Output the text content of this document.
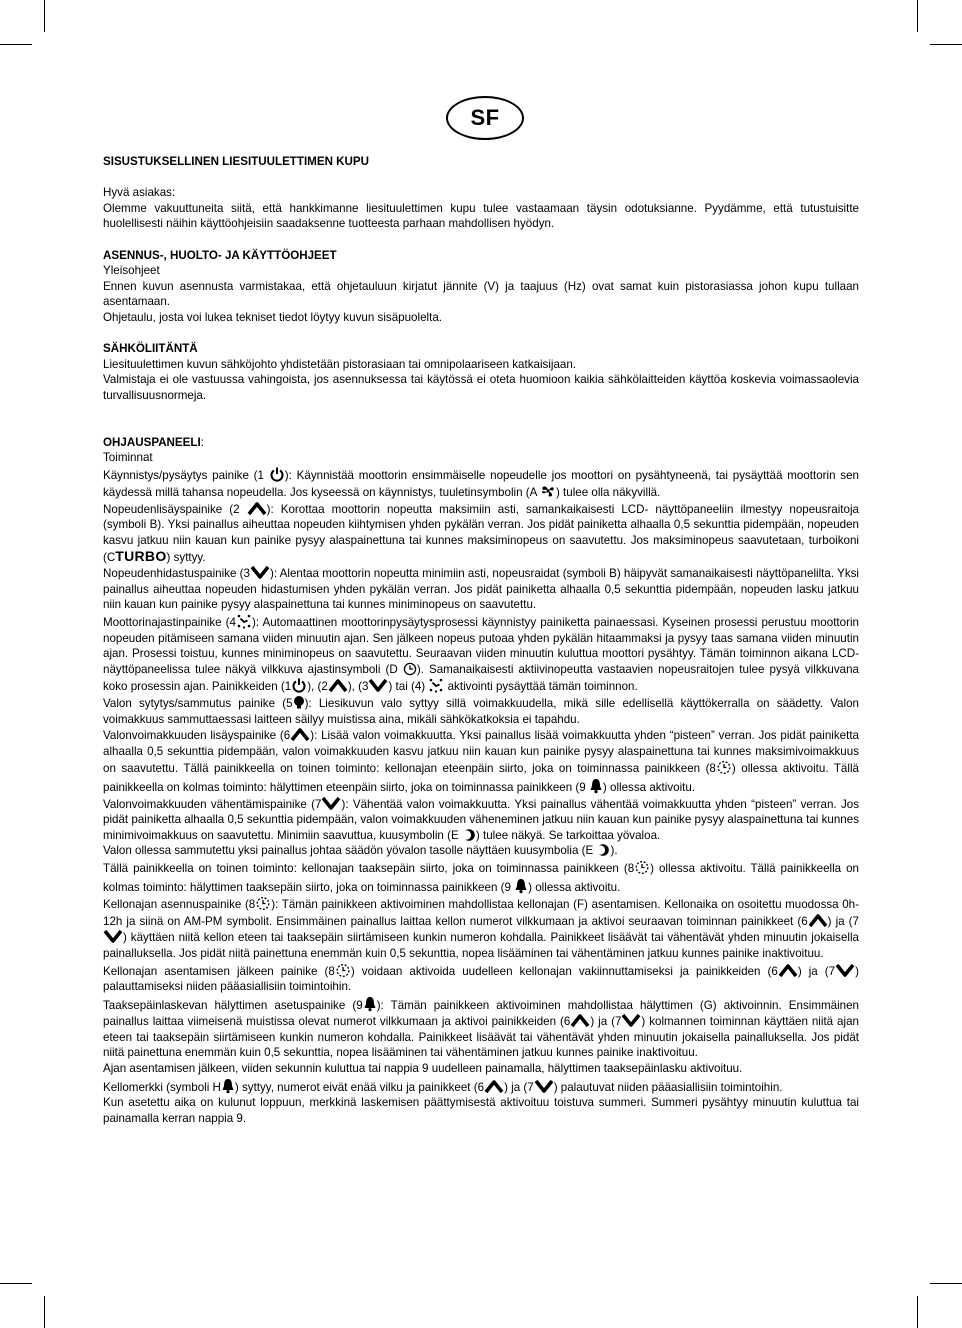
SF

SISUSTUKSELLINEN LIESITUULETTIMEN KUPU

Hyvä asiakas:

Olemme vakuuttuneita siitä, että hankkimanne liesituulettimen kupu tulee vastaamaan täysin odotuksianne. Pyydämme, että tutustuisitte huolellisesti näihin käyttöohjeisiin saadaksenne tuotteesta parhaan mahdollisen hyödyn.

ASENNUS-, HUOLTO- JA KÄYTTÖOHJEET

Yleisohjeet

Ennen kuvun asennusta varmistakaa, että ohjetauluun kirjatut jännite (V) ja taajuus (Hz) ovat samat kuin pistorasiassa johon kupu tullaan asentamaan.

Ohjetaulu, josta voi lukea tekniset tiedot löytyy kuvun sisäpuolelta.

SÄHKÖLIITÄNTÄ

Liesituulettimen kuvun sähköjohto yhdistetään pistorasiaan tai omnipolaariseen katkaisijaan.

Valmistaja ei ole vastuussa vahingoista, jos asennuksessa tai käytössä ei oteta huomioon kaikia sähkölaitteiden käyttöa koskevia voimassaolevia turvallisuusnormeja.

OHJAUSPANEELI:

Toiminnat

Käynnistys/pysäytys painike (1 ): Käynnistää moottorin ensimmäiselle nopeudelle jos moottori on pysähtyneenä, tai pysäyttää moottorin sen käydessä millä tahansa nopeudella. Jos kyseessä on käynnistys, tuuletinsymbolin (A ) tulee olla näkyvillä.

Nopeudenlisäyspainike (2 ): Korottaa moottorin nopeutta maksimiin asti, samankaikaisesti LCD- näyttöpaneeliin ilmestyy nopeusraitoja (symboli B). Yksi painallus aiheuttaa nopeuden kiihtymisen yhden pykälän verran. Jos pidät painiketta alhaalla 0,5 sekunttia pidempään, nopeuden kasvu jatkuu niin kauan kun painike pysyy alaspainettuna tai kunnes maksiminopeus on saavutettu. Jos maksiminopeus saavutetaan, turboikoni (CTURBO) syttyy.

Nopeudenhidastuspainike (3 ): Alentaa moottorin nopeutta minimiin asti, nopeusraidat (symboli B) häipyvät samanaikaisesti näyttöpanelilta. Yksi painallus aiheuttaa nopeuden hidastumisen yhden pykälän verran. Jos pidät painiketta alhaalla 0,5 sekunttia pidempään, nopeuden lasku jatkuu niin kauan kun painike pysyy alaspainettuna tai kunnes miniminopeus on saavutettu.

Moottorinajastinpainike (4 ): Automaattinen moottorinpysäytysprosessi käynnistyy painiketta painaessasi. Kyseinen prosessi perustuu moottorin nopeuden pitämiseen samana viiden minuutin ajan. Sen jälkeen nopeus putoaa yhden pykälän hitaammaksi ja pysyy taas samana viiden minuutin ajan. Prosessi toistuu, kunnes miniminopeus on saavutettu. Seuraavan viiden minuutin kuluttua moottori pysähtyy. Tämän toiminnon aikana LCD-näyttöpaneelissa tulee näkyä vilkkuva ajastinsymboli (D ). Samanaikaisesti aktiivinopeutta vastaavien nopeusraitojen tulee pysyä vilkkuvana koko prosessin ajan. Painikkeiden (1 ), (2 ), (3 ) tai (4)  aktivointi pysäyttää tämän toiminnon.

Valon sytytys/sammutus painike (5 ): Liesikuvun valo syttyy sillä voimakkuudella, mikä sille edellisellä käyttökerralla on säädetty. Valon voimakkuus sammuttaessasi laitteen säilyy muistissa aina, mikäli sähkökatkoksia ei tapahdu.

Valonvoimakkuuden lisäyspainike (6 ): Lisää valon voimakkuutta. Yksi painallus lisää voimakkuutta yhden “pisteen” verran. Jos pidät painiketta alhaalla 0,5 sekunttia pidempään, valon voimakkuuden kasvu jatkuu niin kauan kun painike pysyy alaspainettuna tai kunnes maksimivoimakkuus on saavutettu. Tällä painikkeella on toinen toiminto: kellonajan eteenpäin siirto, joka on toiminnassa painikkeen (8 ) ollessa aktivoitu. Tällä painikkeella on kolmas toiminto: hälyttimen eteenpäin siirto, joka on toiminnassa painikkeen (9 ) ollessa aktivoitu.

Valonvoimakkuuden vähentämispainike (7 ): Vähentää valon voimakkuutta. Yksi painallus vähentää voimakkuutta yhden “pisteen” verran. Jos pidät painiketta alhaalla 0,5 sekunttia pidempään, valon voimakkuuden väheneminen jatkuu niin kauan kun painike pysyy alaspainettuna tai kunnes minimivoimakkuus on saavutettu. Minimiin saavuttua, kuusymbolin (E ) tulee näkyä. Se tarkoittaa yövaloa.

Valon ollessa sammutettu yksi painallus johtaa säädön yövalon tasolle näyttäen kuusymbolia (E ).

Tällä painikkeella on toinen toiminto: kellonajan taaksepäin siirto, joka on toiminnassa painikkeen (8 ) ollessa aktivoitu. Tällä painikkeella on kolmas toiminto: hälyttimen taaksepäin siirto, joka on toiminnassa painikkeen (9 ) ollessa aktivoitu.

Kellonajan asennuspainike (8 ): Tämän painikkeen aktivoiminen mahdollistaa kellonajan (F) asentamisen. Kellonaika on osoitettu muodossa 0h-12h ja siinä on AM-PM symbolit. Ensimmäinen painallus laittaa kellon numerot vilkkumaan ja aktivoi seuraavan toiminnan painikkeet (6 ) ja (7) käyttäen niitä kellon eteen tai taaksepäin siirtämiseen kunkin numeron kohdalla. Painikkeet lisäävät tai vähentävät yhden minuutin jokaisella painalluksella. Jos pidät niitä painettuna enemmän kuin 0,5 sekunttia, nopea lisääminen tai vähentäminen jatkuu kunnes painike inaktivoituu.

Kellonajan asentamisen jälkeen painike (8 ) voidaan aktivoida uudelleen kellonajan vakiinnuttamiseksi ja painikkeiden (6 ) ja (7 ) palauttamiseksi niiden pääasiallisiin toimintoihin.

Taaksepäinlaskevan hälyttimen asetuspainike (9 ): Tämän painikkeen aktivoiminen mahdollistaa hälyttimen (G) aktivoinnin. Ensimmäinen painallus laittaa viimeisenä muistissa olevat numerot vilkkumaan ja aktivoi painikkeiden (6 ) ja (7 ) kolmannen toiminnan käyttäen niitä ajan eteen tai taaksepäin siirtämiseen kunkin numeron kohdalla. Painikkeet lisäävät tai vähentävät yhden minuutin jokaisella painalluksella. Jos pidät niitä painettuna enemmän kuin 0,5 sekunttia, nopea lisääminen tai vähentäminen jatkuu kunnes painike inaktivoituu.

Ajan asentamisen jälkeen, viiden sekunnin kuluttua tai nappia 9 uudelleen painamalla, hälyttimen taaksepäinlasku aktivoituu.

Kellomerkki (symboli H ) syttyy, numerot eivät enää vilku ja painikkeet (6 ) ja (7 ) palautuvat niiden pääasiallisiin toimintoihin.

Kun asetettu aika on kulunut loppuun, merkkinä laskemisen päättymisestä aktivoituu toistuva summeri. Summeri pysähtyy minuutin kuluttua tai painamalla kerran nappia 9.
